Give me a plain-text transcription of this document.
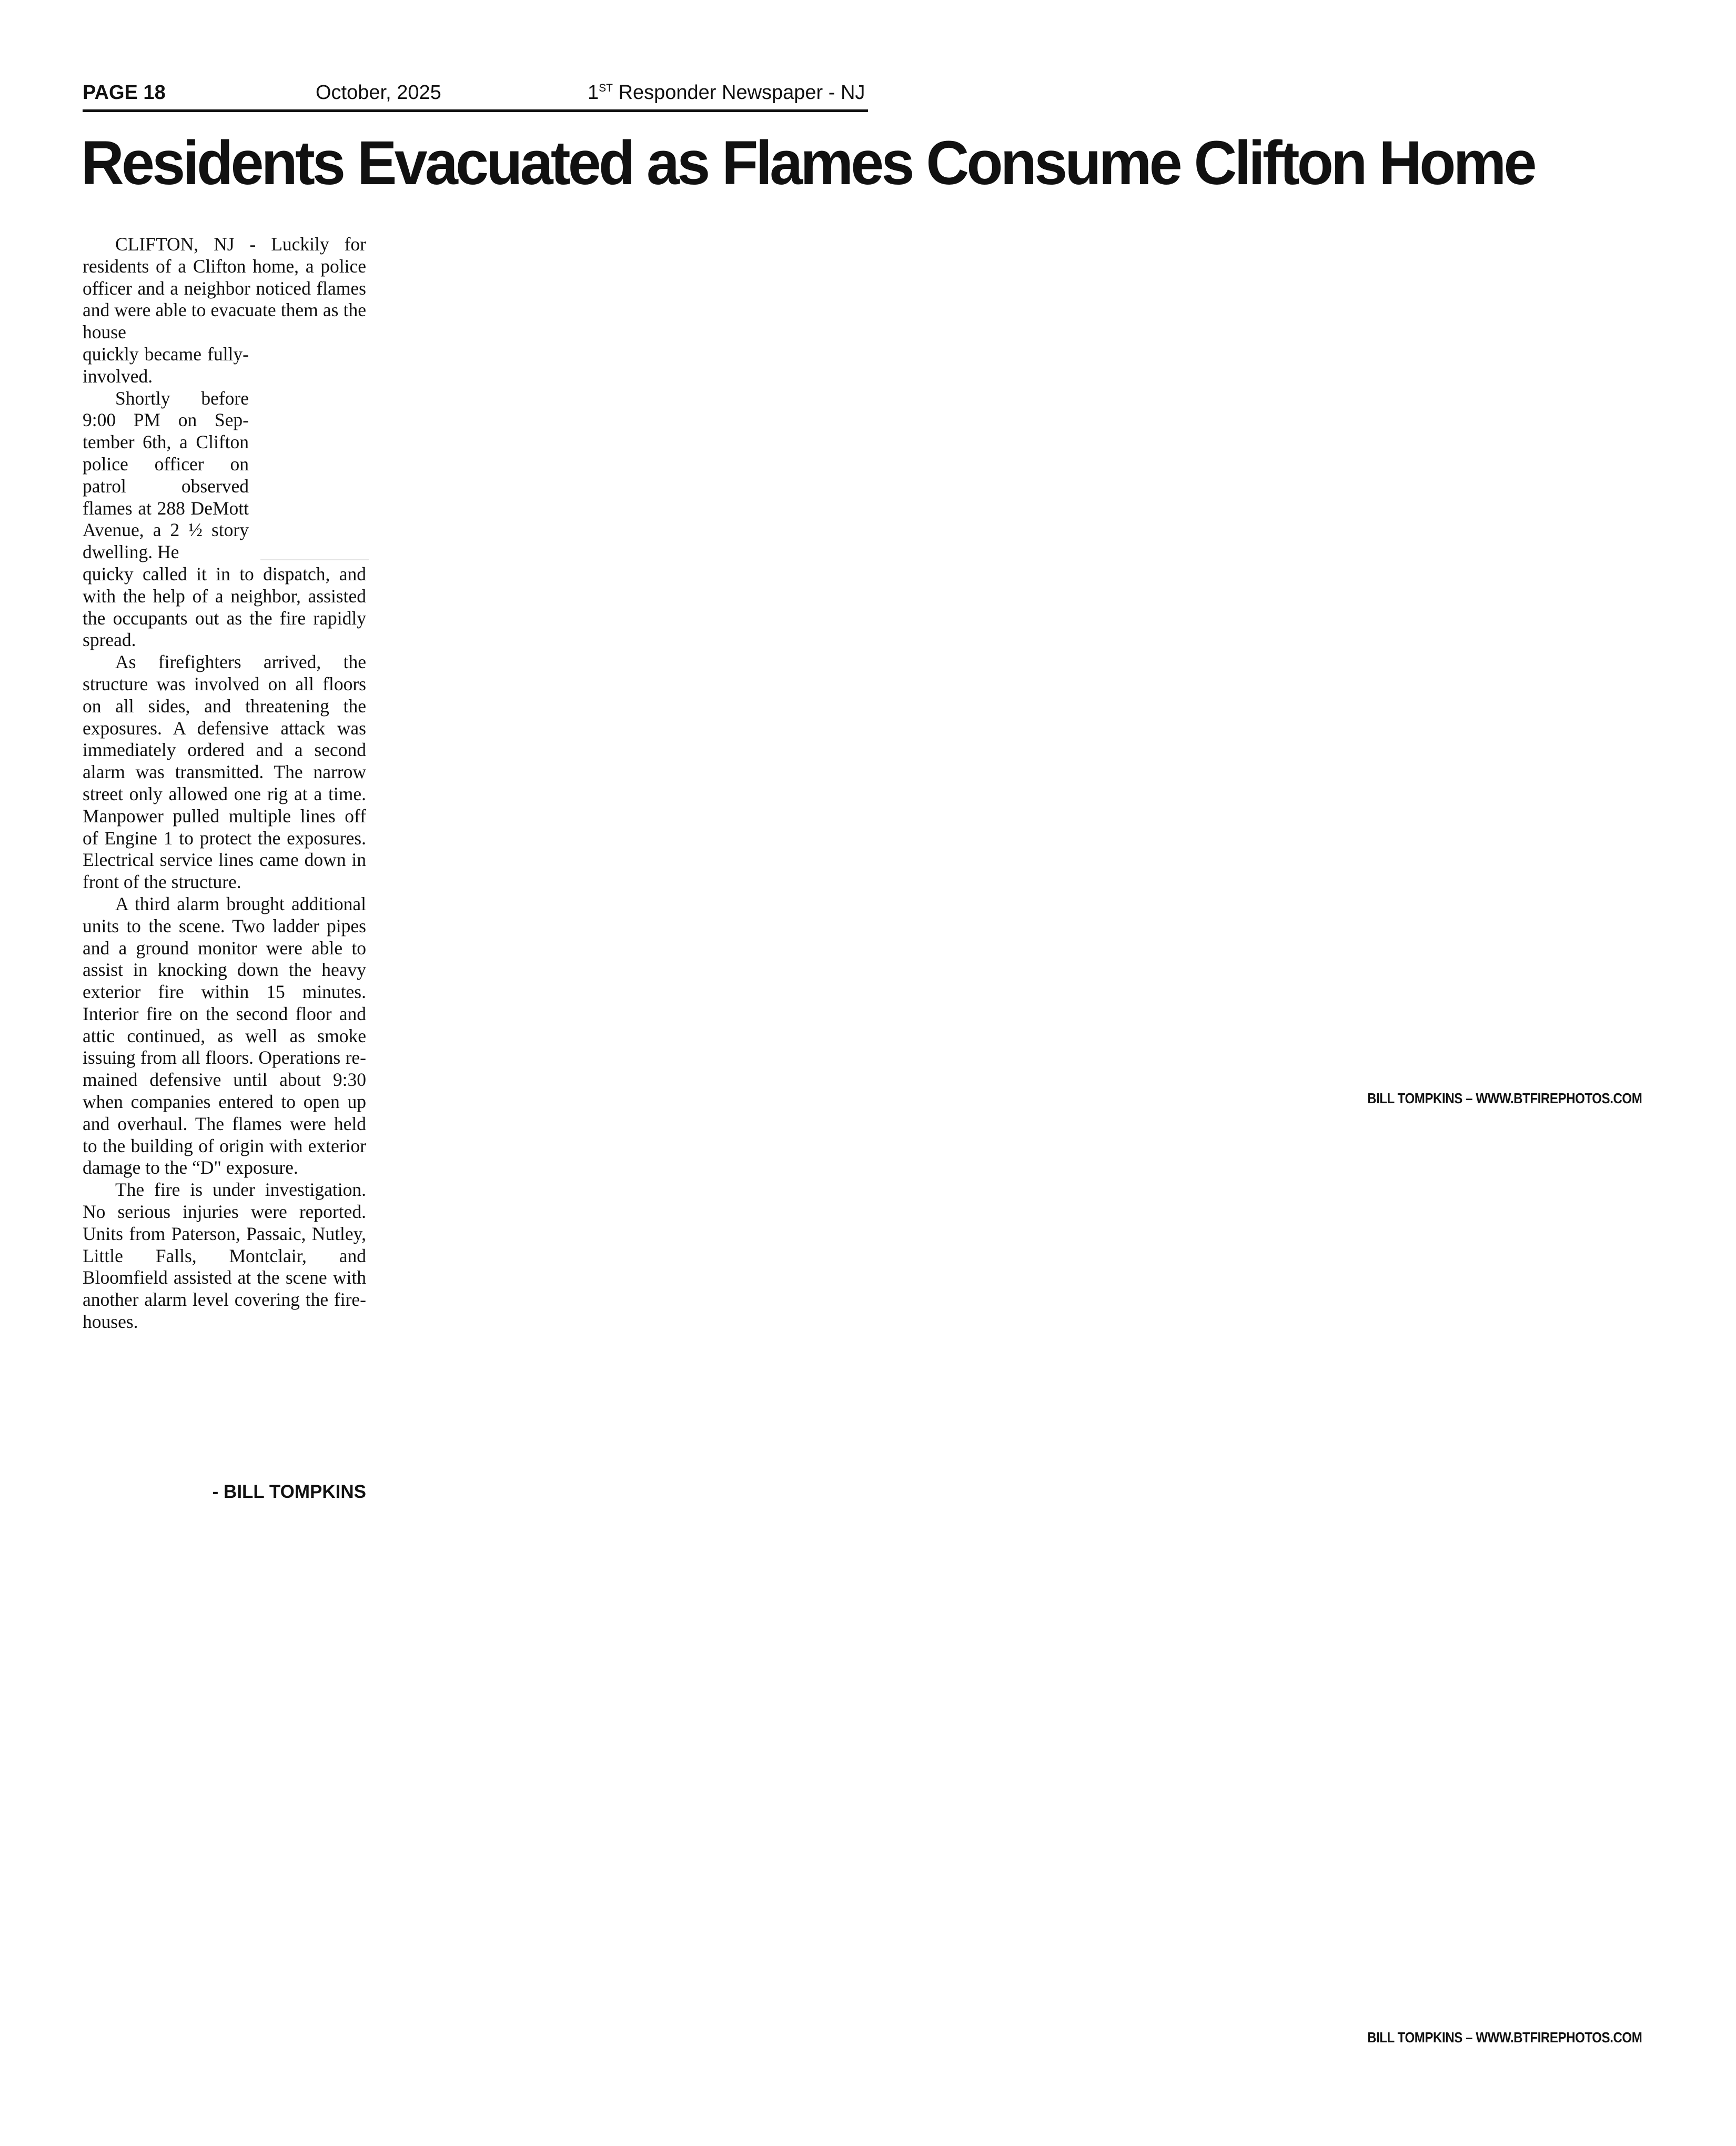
PAGE 18	October, 2025	1ST Responder Newspaper - NJ
Residents Evacuated as Flames Consume Clifton Home

CLIFTON, NJ - Luckily for residents of a Clifton home, a police officer and a neighbor noticed flames and were able to evacuate them as the house

quickly became fully-involved.

Shortly before 9:00 PM on September 6th, a Clifton police officer on patrol observed flames at 288 DeMott Avenue, a 2 ½ story dwelling. He

quicky called it in to dispatch, and with the help of a neighbor, assisted the occupants out as the fire rapidly spread.

As firefighters arrived, the structure was involved on all floors on all sides, and threatening the exposures. A defensive attack was immediately ordered and a second alarm was transmitted. The narrow street only allowed one rig at a time. Manpower pulled multiple lines off of Engine 1 to protect the exposures. Electrical service lines came down in front of the structure.

A third alarm brought additional units to the scene. Two ladder pipes and a ground monitor were able to assist in knocking down the heavy exterior fire within 15 minutes. Interior fire on the second floor and attic continued, as well as smoke issuing from all floors. Operations remained defensive until about 9:30 when companies entered to open up and overhaul. The flames were held to the building of origin with exterior damage to the “D" exposure.

The fire is under investigation. No serious injuries were reported. Units from Paterson, Passaic, Nutley, Little Falls, Montclair, and Bloomfield assisted at the scene with another alarm level covering the firehouses.

- BILL TOMPKINS
BILL TOMPKINS – WWW.BTFIREPHOTOS.COM
BILL TOMPKINS – WWW.BTFIREPHOTOS.COM
